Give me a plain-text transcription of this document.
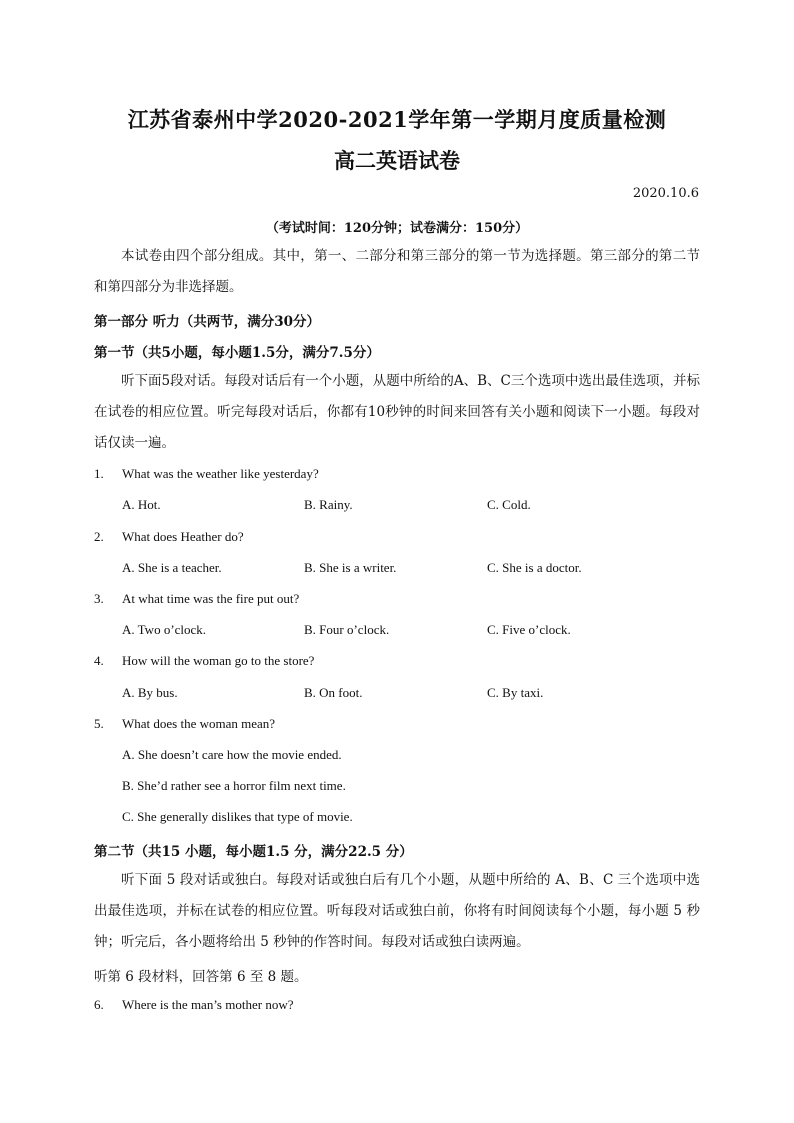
江苏省泰州中学2020-2021学年第一学期月度质量检测
高二英语试卷
2020.10.6
（考试时间：120分钟；试卷满分：150分）

本试卷由四个部分组成。其中，第一、二部分和第三部分的第一节为选择题。第三部分的第二节和第四部分为非选择题。

第一部分 听力（共两节，满分30分）

第一节（共5小题，每小题1.5分，满分7.5分）

听下面5段对话。每段对话后有一个小题，从题中所给的A、B、C三个选项中选出最佳选项，并标在试卷的相应位置。听完每段对话后，你都有10秒钟的时间来回答有关小题和阅读下一小题。每段对话仅读一遍。

1. What was the weather like yesterday?
A. Hot.	B. Rainy.	C. Cold.
2. What does Heather do?
A. She is a teacher.	B. She is a writer.	C. She is a doctor.
3. At what time was the fire put out?
A. Two o’clock.	B. Four o’clock.	C. Five o’clock.
4. How will the woman go to the store?
A. By bus.	B. On foot.	C. By taxi.
5. What does the woman mean?
A. She doesn’t care how the movie ended.
B. She’d rather see a horror film next time.
C. She generally dislikes that type of movie.

第二节（共15 小题，每小题1.5 分，满分22.5 分）

听下面 5 段对话或独白。每段对话或独白后有几个小题，从题中所给的 A、B、C 三个选项中选出最佳选项，并标在试卷的相应位置。听每段对话或独白前，你将有时间阅读每个小题，每小题 5 秒钟；听完后，各小题将给出 5 秒钟的作答时间。每段对话或独白读两遍。

听第 6 段材料，回答第 6 至 8 题。

6. Where is the man’s mother now?
